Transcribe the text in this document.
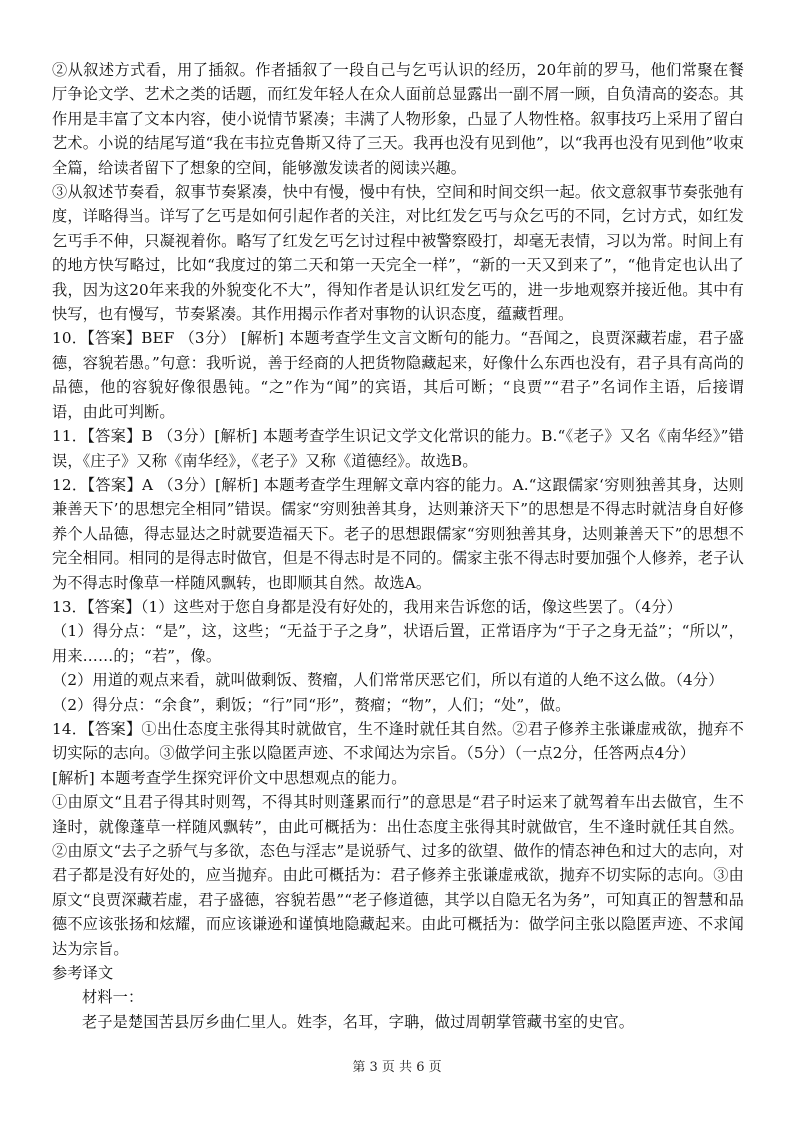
②从叙述方式看，用了插叙。作者插叙了一段自己与乞丐认识的经历，20年前的罗马，他们常聚在餐厅争论文学、艺术之类的话题，而红发年轻人在众人面前总显露出一副不屑一顾，自负清高的姿态。其作用是丰富了文本内容，使小说情节紧凑；丰满了人物形象，凸显了人物性格。叙事技巧上采用了留白艺术。小说的结尾写道“我在韦拉克鲁斯又待了三天。我再也没有见到他”，以“我再也没有见到他”收束全篇，给读者留下了想象的空间，能够激发读者的阅读兴趣。

③从叙述节奏看，叙事节奏紧凑，快中有慢，慢中有快，空间和时间交织一起。依文意叙事节奏张弛有度，详略得当。详写了乞丐是如何引起作者的关注，对比红发乞丐与众乞丐的不同，乞讨方式，如红发乞丐手不伸，只凝视着你。略写了红发乞丐乞讨过程中被警察殴打，却毫无表情，习以为常。时间上有的地方快写略过，比如“我度过的第二天和第一天完全一样”，“新的一天又到来了”，“他肯定也认出了我，因为这20年来我的外貌变化不大”，得知作者是认识红发乞丐的，进一步地观察并接近他。其中有快写，也有慢写，节奏紧凑。其作用揭示作者对事物的认识态度，蕴藏哲理。

10．【答案】BEF （3分） [解析] 本题考查学生文言文断句的能力。“吾闻之，良贾深藏若虚，君子盛德，容貌若愚。”句意：我听说，善于经商的人把货物隐藏起来，好像什么东西也没有，君子具有高尚的品德，他的容貌好像很愚钝。“之”作为“闻”的宾语，其后可断；“良贾”“君子”名词作主语，后接谓语，由此可判断。

11．【答案】B （3分）[解析] 本题考查学生识记文学文化常识的能力。B.“《老子》又名《南华经》”错误，《庄子》又称《南华经》，《老子》又称《道德经》。故选B。

12．【答案】A （3分）[解析] 本题考查学生理解文章内容的能力。A.“这跟儒家‘穷则独善其身，达则兼善天下’的思想完全相同”错误。儒家“穷则独善其身，达则兼济天下”的思想是不得志时就洁身自好修养个人品德，得志显达之时就要造福天下。老子的思想跟儒家“穷则独善其身，达则兼善天下”的思想不完全相同。相同的是得志时做官，但是不得志时是不同的。儒家主张不得志时要加强个人修养，老子认为不得志时像草一样随风飘转，也即顺其自然。故选A。

13．【答案】（1）这些对于您自身都是没有好处的，我用来告诉您的话，像这些罢了。（4分）

（1）得分点：“是”，这，这些；“无益于子之身”，状语后置，正常语序为“于子之身无益”；“所以”，用来……的；“若”，像。

（2）用道的观点来看，就叫做剩饭、赘瘤，人们常常厌恶它们，所以有道的人绝不这么做。（4分）

（2）得分点：“余食”，剩饭；“行”同“形”，赘瘤；“物”，人们；“处”，做。

14．【答案】①出仕态度主张得其时就做官，生不逢时就任其自然。②君子修养主张谦虚戒欲，抛弃不切实际的志向。③做学问主张以隐匿声迹、不求闻达为宗旨。（5分）（一点2分，任答两点4分）

[解析] 本题考查学生探究评价文中思想观点的能力。

①由原文“且君子得其时则驾，不得其时则蓬累而行”的意思是“君子时运来了就驾着车出去做官，生不逢时，就像蓬草一样随风飘转”，由此可概括为：出仕态度主张得其时就做官，生不逢时就任其自然。②由原文“去子之骄气与多欲，态色与淫志”是说骄气、过多的欲望、做作的情态神色和过大的志向，对君子都是没有好处的，应当抛弃。由此可概括为：君子修养主张谦虚戒欲，抛弃不切实际的志向。③由原文“良贾深藏若虚，君子盛德，容貌若愚”“老子修道德，其学以自隐无名为务”，可知真正的智慧和品德不应该张扬和炫耀，而应该谦逊和谨慎地隐藏起来。由此可概括为：做学问主张以隐匿声迹、不求闻达为宗旨。

参考译文

材料一：

老子是楚国苦县厉乡曲仁里人。姓李，名耳，字聃，做过周朝掌管藏书室的史官。

第 3 页 共 6 页
